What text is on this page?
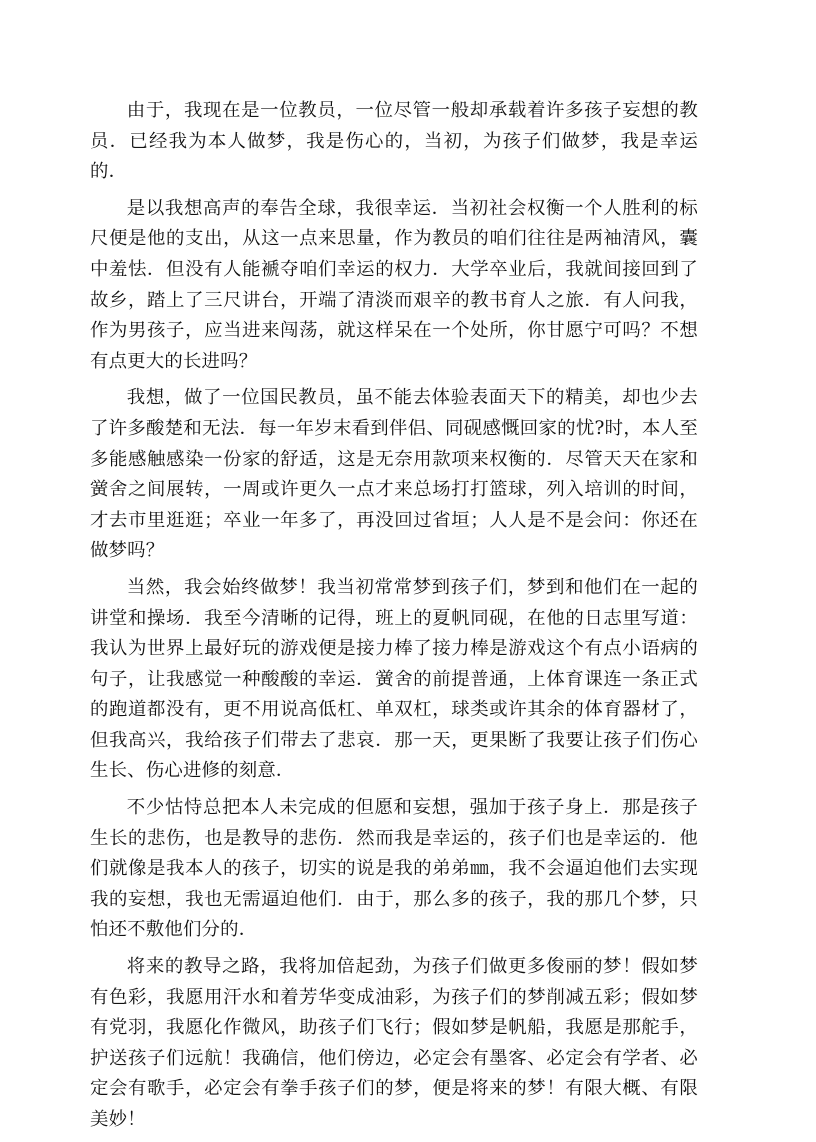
由于，我现在是一位教员，一位尽管一般却承载着许多孩子妄想的教员．已经我为本人做梦，我是伤心的，当初，为孩子们做梦，我是幸运的．

是以我想高声的奉告全球，我很幸运．当初社会权衡一个人胜利的标尺便是他的支出，从这一点来思量，作为教员的咱们往往是两袖清风，囊中羞怯．但没有人能褫夺咱们幸运的权力．大学卒业后，我就间接回到了故乡，踏上了三尺讲台，开端了清淡而艰辛的教书育人之旅．有人问我，作为男孩子，应当进来闯荡，就这样呆在一个处所，你甘愿宁可吗？不想有点更大的长进吗？

我想，做了一位国民教员，虽不能去体验表面天下的精美，却也少去了许多酸楚和无法．每一年岁末看到伴侣、同砚感慨回家的忧?时，本人至多能感触感染一份家的舒适，这是无奈用款项来权衡的．尽管天天在家和黉舍之间展转，一周或许更久一点才来总场打打篮球，列入培训的时间，才去市里逛逛；卒业一年多了，再没回过省垣；人人是不是会问：你还在做梦吗？

当然，我会始终做梦！我当初常常梦到孩子们，梦到和他们在一起的讲堂和操场．我至今清晰的记得，班上的夏帆同砚，在他的日志里写道：我认为世界上最好玩的游戏便是接力棒了接力棒是游戏这个有点小语病的句子，让我感觉一种酸酸的幸运．黉舍的前提普通，上体育课连一条正式的跑道都没有，更不用说高低杠、单双杠，球类或许其余的体育器材了，但我高兴，我给孩子们带去了悲哀．那一天，更果断了我要让孩子们伤心生长、伤心进修的刻意．

不少怙恃总把本人未完成的但愿和妄想，强加于孩子身上．那是孩子生长的悲伤，也是教导的悲伤．然而我是幸运的，孩子们也是幸运的．他们就像是我本人的孩子，切实的说是我的弟弟㎜，我不会逼迫他们去实现我的妄想，我也无需逼迫他们．由于，那么多的孩子，我的那几个梦，只怕还不敷他们分的．

将来的教导之路，我将加倍起劲，为孩子们做更多俊丽的梦！假如梦有色彩，我愿用汗水和着芳华变成油彩，为孩子们的梦削减五彩；假如梦有党羽，我愿化作微风，助孩子们飞行；假如梦是帆船，我愿是那舵手，护送孩子们远航！我确信，他们傍边，必定会有墨客、必定会有学者、必定会有歌手，必定会有拳手孩子们的梦，便是将来的梦！有限大概、有限美妙！
